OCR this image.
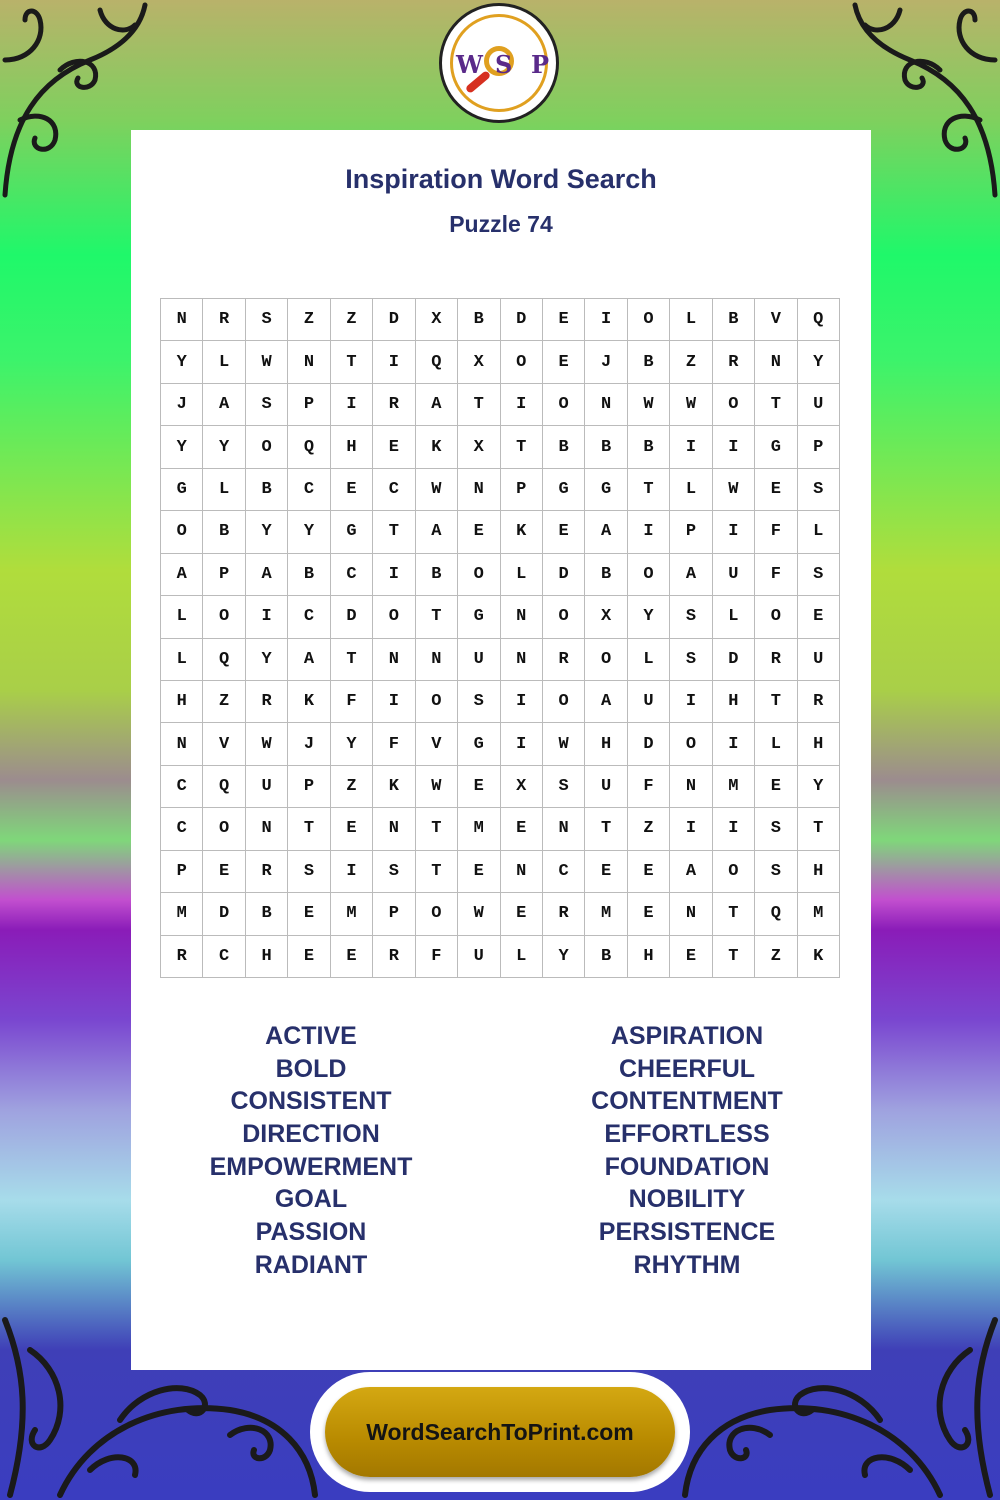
W S P
Inspiration Word Search
Puzzle 74
N	R	S	Z	Z	D	X	B	D	E	I	O	L	B	V	Q
Y	L	W	N	T	I	Q	X	O	E	J	B	Z	R	N	Y
J	A	S	P	I	R	A	T	I	O	N	W	W	O	T	U
Y	Y	O	Q	H	E	K	X	T	B	B	B	I	I	G	P
G	L	B	C	E	C	W	N	P	G	G	T	L	W	E	S
O	B	Y	Y	G	T	A	E	K	E	A	I	P	I	F	L
A	P	A	B	C	I	B	O	L	D	B	O	A	U	F	S
L	O	I	C	D	O	T	G	N	O	X	Y	S	L	O	E
L	Q	Y	A	T	N	N	U	N	R	O	L	S	D	R	U
H	Z	R	K	F	I	O	S	I	O	A	U	I	H	T	R
N	V	W	J	Y	F	V	G	I	W	H	D	O	I	L	H
C	Q	U	P	Z	K	W	E	X	S	U	F	N	M	E	Y
C	O	N	T	E	N	T	M	E	N	T	Z	I	I	S	T
P	E	R	S	I	S	T	E	N	C	E	E	A	O	S	H
M	D	B	E	M	P	O	W	E	R	M	E	N	T	Q	M
R	C	H	E	E	R	F	U	L	Y	B	H	E	T	Z	K
ACTIVE
BOLD
CONSISTENT
DIRECTION
EMPOWERMENT
GOAL
PASSION
RADIANT
ASPIRATION
CHEERFUL
CONTENTMENT
EFFORTLESS
FOUNDATION
NOBILITY
PERSISTENCE
RHYTHM
WordSearchToPrint.com
